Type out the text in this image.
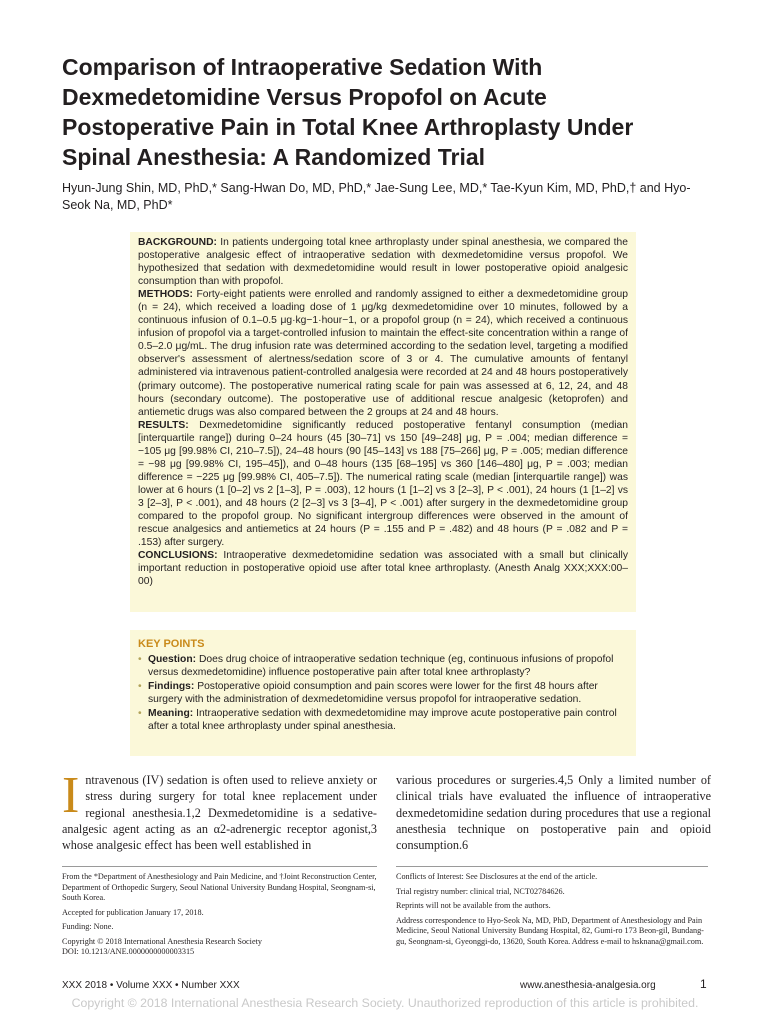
Comparison of Intraoperative Sedation With Dexmedetomidine Versus Propofol on Acute Postoperative Pain in Total Knee Arthroplasty Under Spinal Anesthesia: A Randomized Trial
Hyun-Jung Shin, MD, PhD,* Sang-Hwan Do, MD, PhD,* Jae-Sung Lee, MD,* Tae-Kyun Kim, MD, PhD,† and Hyo-Seok Na, MD, PhD*

BACKGROUND: In patients undergoing total knee arthroplasty under spinal anesthesia, we compared the postoperative analgesic effect of intraoperative sedation with dexmedetomidine versus propofol. We hypothesized that sedation with dexmedetomidine would result in lower postoperative opioid analgesic consumption than with propofol.

METHODS: Forty-eight patients were enrolled and randomly assigned to either a dexmedetomidine group (n = 24), which received a loading dose of 1 μg/kg dexmedetomidine over 10 minutes, followed by a continuous infusion of 0.1–0.5 μg·kg−1·hour−1, or a propofol group (n = 24), which received a continuous infusion of propofol via a target-controlled infusion to maintain the effect-site concentration within a range of 0.5–2.0 μg/mL. The drug infusion rate was determined according to the sedation level, targeting a modified observer's assessment of alertness/sedation score of 3 or 4. The cumulative amounts of fentanyl administered via intravenous patient-controlled analgesia were recorded at 24 and 48 hours postoperatively (primary outcome). The postoperative numerical rating scale for pain was assessed at 6, 12, 24, and 48 hours (secondary outcome). The postoperative use of additional rescue analgesic (ketoprofen) and antiemetic drugs was also compared between the 2 groups at 24 and 48 hours.

RESULTS: Dexmedetomidine significantly reduced postoperative fentanyl consumption (median [interquartile range]) during 0–24 hours (45 [30–71] vs 150 [49–248] μg, P = .004; median difference = −105 μg [99.98% CI, 210–7.5]), 24–48 hours (90 [45–143] vs 188 [75–266] μg, P = .005; median difference = −98 μg [99.98% CI, 195–45]), and 0–48 hours (135 [68–195] vs 360 [146–480] μg, P = .003; median difference = −225 μg [99.98% CI, 405–7.5]). The numerical rating scale (median [interquartile range]) was lower at 6 hours (1 [0–2] vs 2 [1–3], P = .003), 12 hours (1 [1–2] vs 3 [2–3], P < .001), 24 hours (1 [1–2] vs 3 [2–3], P < .001), and 48 hours (2 [2–3] vs 3 [3–4], P < .001) after surgery in the dexmedetomidine group compared to the propofol group. No significant intergroup differences were observed in the amount of rescue analgesics and antiemetics at 24 hours (P = .155 and P = .482) and 48 hours (P = .082 and P = .153) after surgery.

CONCLUSIONS: Intraoperative dexmedetomidine sedation was associated with a small but clinically important reduction in postoperative opioid use after total knee arthroplasty. (Anesth Analg XXX;XXX:00–00)

KEY POINTS
• Question: Does drug choice of intraoperative sedation technique (eg, continuous infusions of propofol versus dexmedetomidine) influence postoperative pain after total knee arthroplasty?
• Findings: Postoperative opioid consumption and pain scores were lower for the first 48 hours after surgery with the administration of dexmedetomidine versus propofol for intraoperative sedation.
• Meaning: Intraoperative sedation with dexmedetomidine may improve acute postoperative pain control after a total knee arthroplasty under spinal anesthesia.
Intravenous (IV) sedation is often used to relieve anxiety or stress during surgery for total knee replacement under regional anesthesia.1,2 Dexmedetomidine is a sedative-analgesic agent acting as an α2-adrenergic receptor agonist,3 whose analgesic effect has been well established in
various procedures or surgeries.4,5 Only a limited number of clinical trials have evaluated the influence of intraoperative dexmedetomidine sedation during procedures that use a regional anesthesia technique on postoperative pain and opioid consumption.6

From the *Department of Anesthesiology and Pain Medicine, and †Joint Reconstruction Center, Department of Orthopedic Surgery, Seoul National University Bundang Hospital, Seongnam-si, South Korea.

Accepted for publication January 17, 2018.

Funding: None.

Copyright © 2018 International Anesthesia Research Society

DOI: 10.1213/ANE.0000000000003315

Conflicts of Interest: See Disclosures at the end of the article.

Trial registry number: clinical trial, NCT02784626.

Reprints will not be available from the authors.

Address correspondence to Hyo-Seok Na, MD, PhD, Department of Anesthesiology and Pain Medicine, Seoul National University Bundang Hospital, 82, Gumi-ro 173 Beon-gil, Bundang-gu, Seongnam-si, Gyeonggi-do, 13620, South Korea. Address e-mail to hsknana@gmail.com.

XXX 2018 • Volume XXX • Number XXX	www.anesthesia-analgesia.org	1
Copyright © 2018 International Anesthesia Research Society. Unauthorized reproduction of this article is prohibited.
